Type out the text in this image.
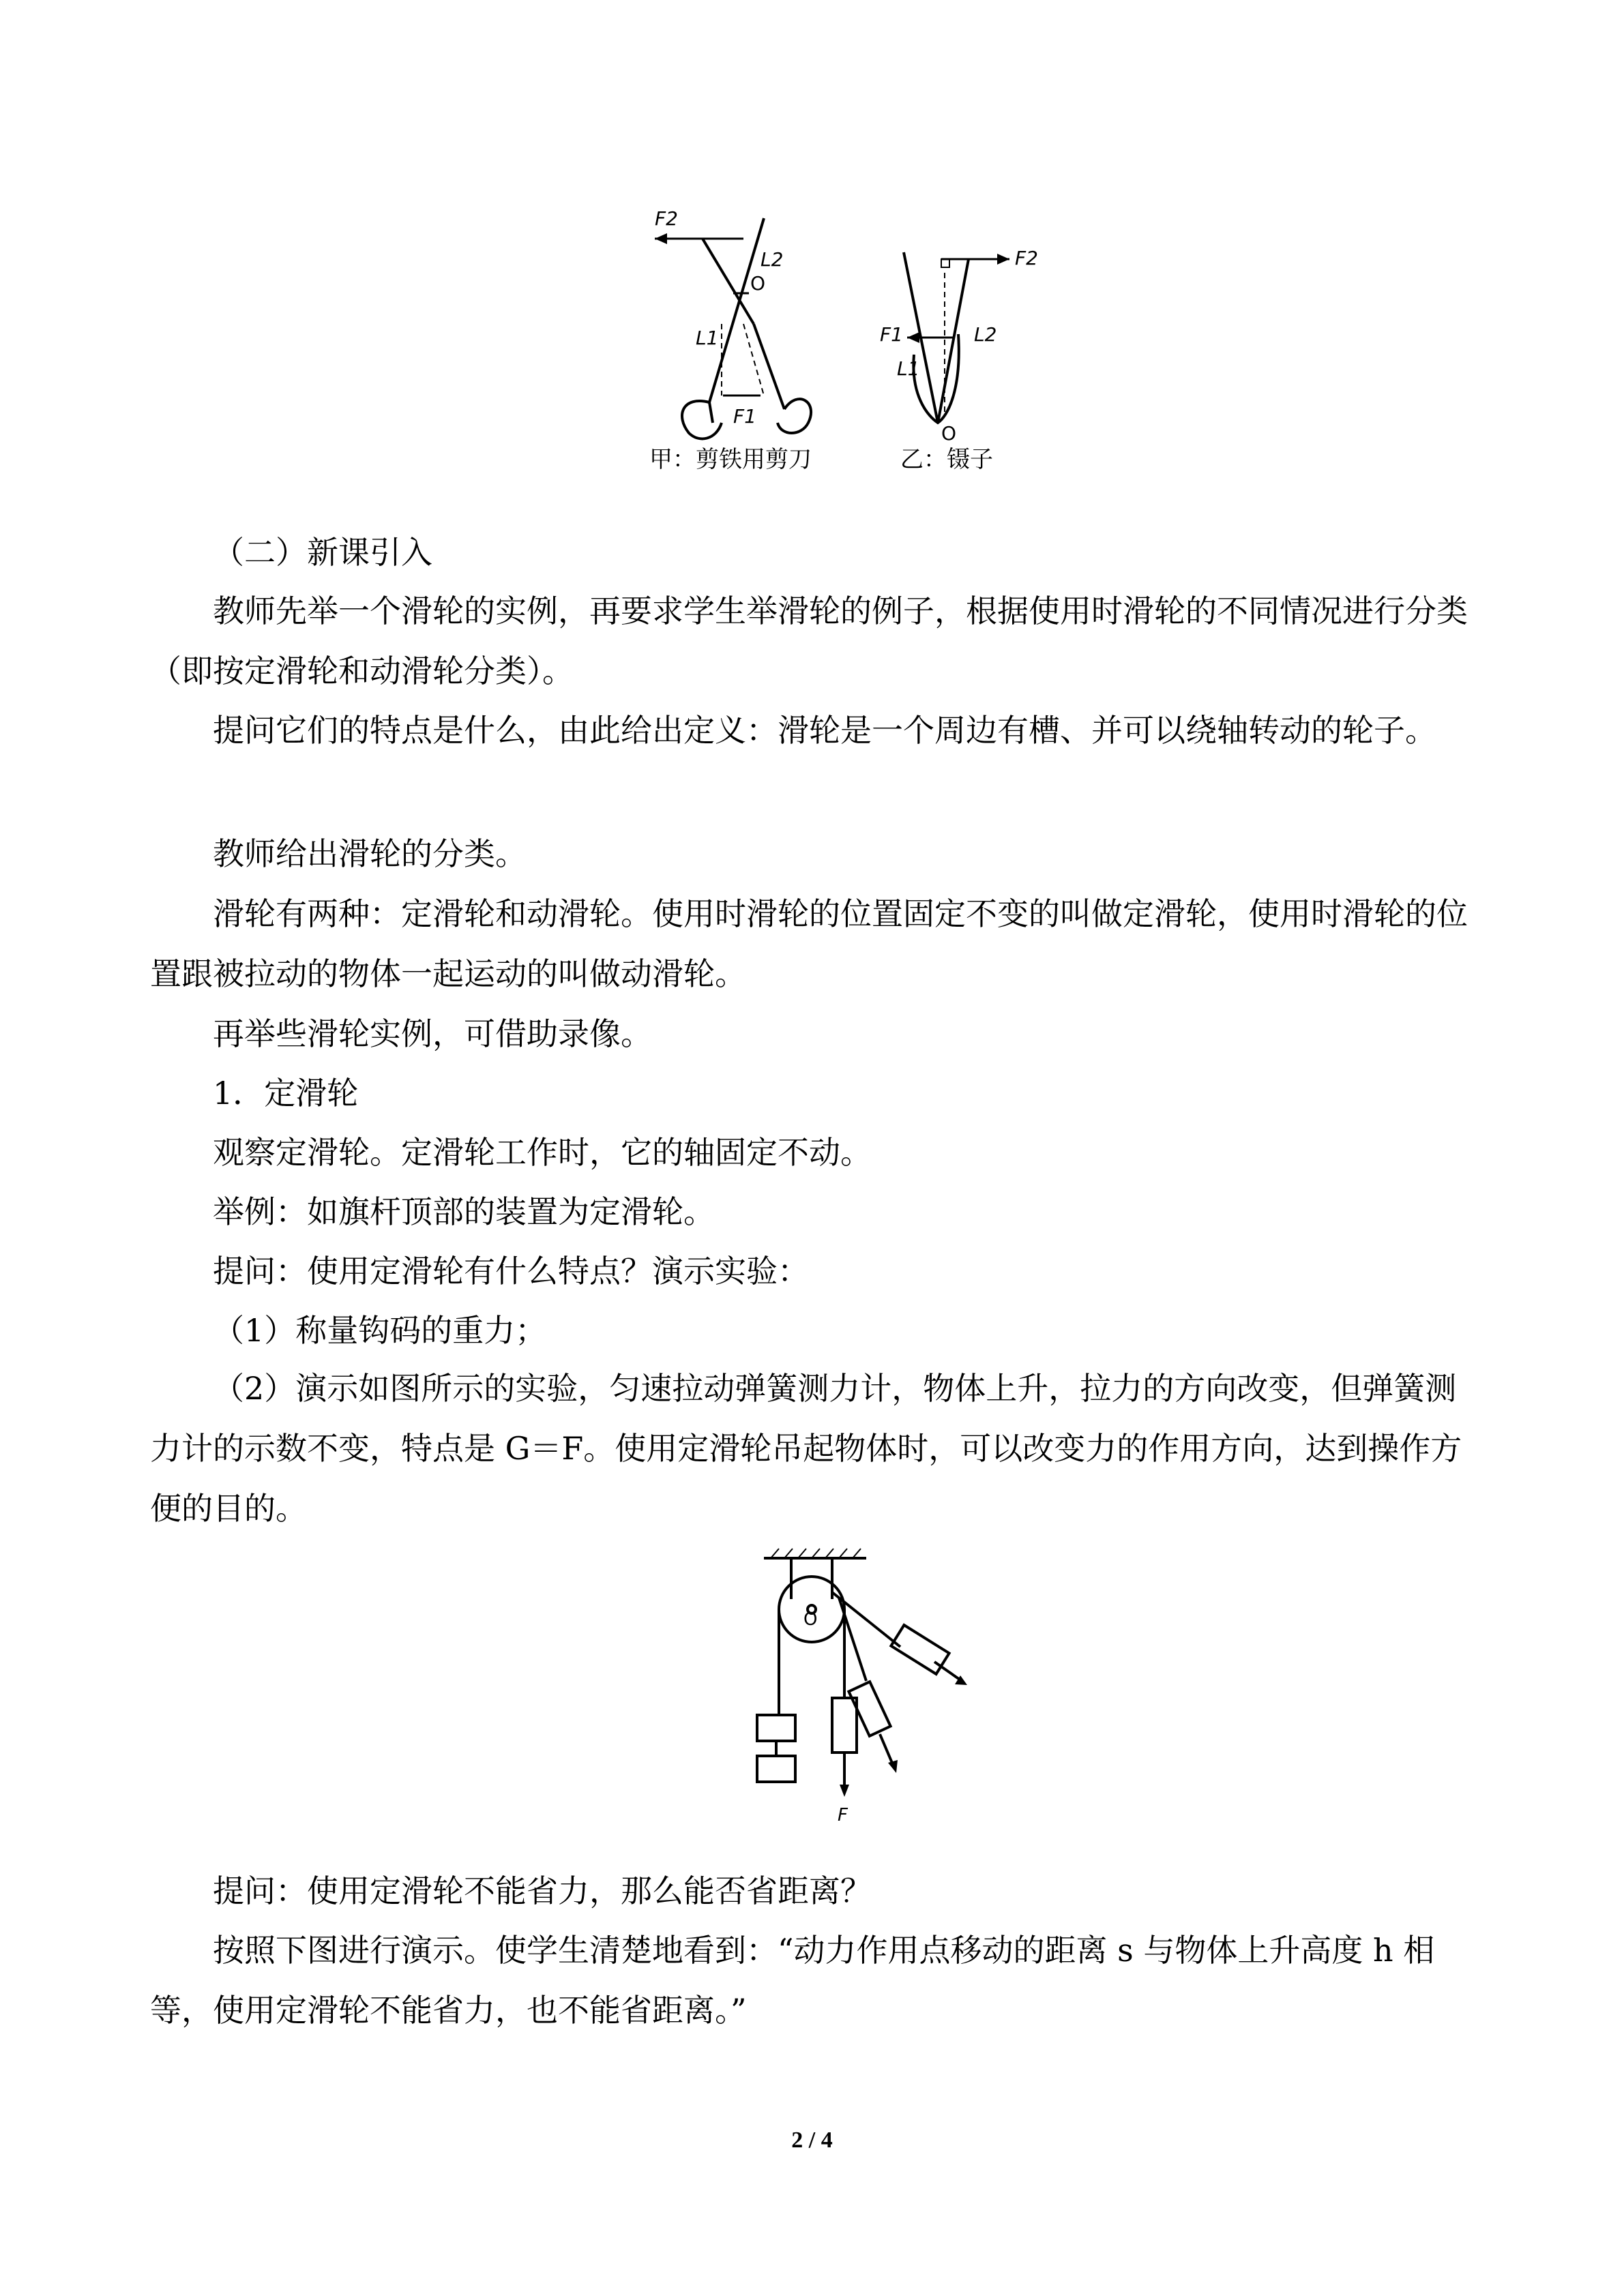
F2
L2
O
L1
F1
F2
F1	L2
L1
O
甲：剪铁用剪刀	乙：镊子
（二）新课引入
教师先举一个滑轮的实例，再要求学生举滑轮的例子，根据使用时滑轮的不同情况进行分类（即按定滑轮和动滑轮分类）。
提问它们的特点是什么，由此给出定义：滑轮是一个周边有槽、并可以绕轴转动的轮子。
教师给出滑轮的分类。
滑轮有两种：定滑轮和动滑轮。使用时滑轮的位置固定不变的叫做定滑轮，使用时滑轮的位置跟被拉动的物体一起运动的叫做动滑轮。
再举些滑轮实例，可借助录像。
1．定滑轮
观察定滑轮。定滑轮工作时，它的轴固定不动。
举例：如旗杆顶部的装置为定滑轮。
提问：使用定滑轮有什么特点？演示实验：
（1）称量钩码的重力；
（2）演示如图所示的实验，匀速拉动弹簧测力计，物体上升，拉力的方向改变，但弹簧测力计的示数不变，特点是 G＝F。使用定滑轮吊起物体时，可以改变力的作用方向，达到操作方便的目的。
O
F
提问：使用定滑轮不能省力，那么能否省距离？
按照下图进行演示。使学生清楚地看到：“动力作用点移动的距离 s 与物体上升高度 h 相等，使用定滑轮不能省力，也不能省距离。”
2 / 4
